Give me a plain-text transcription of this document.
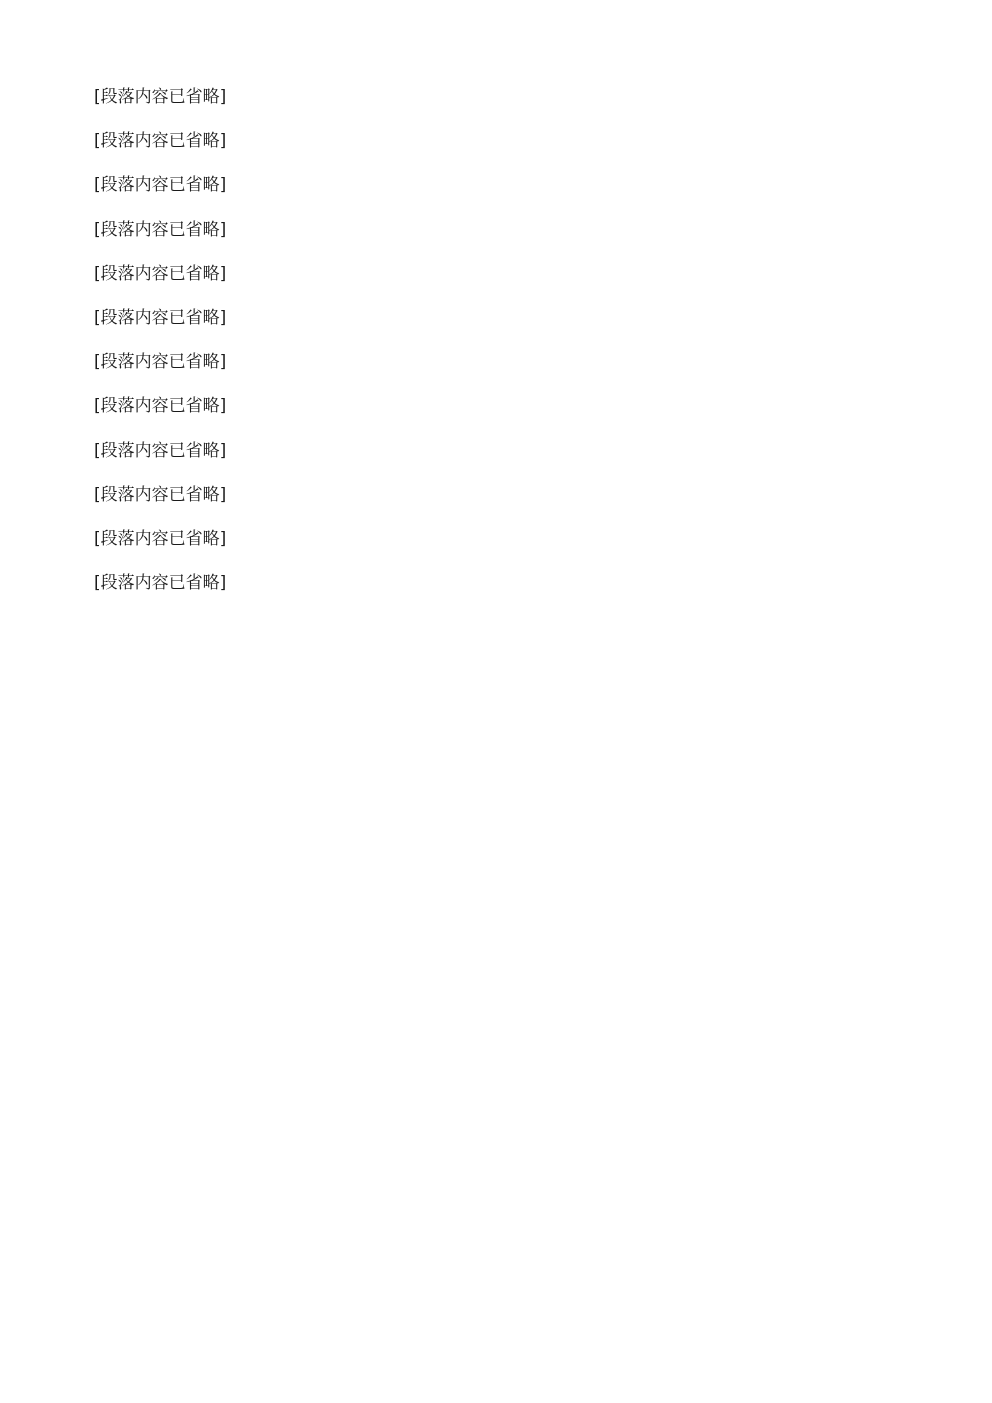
[段落内容已省略]

[段落内容已省略]

[段落内容已省略]

[段落内容已省略]

[段落内容已省略]

[段落内容已省略]

[段落内容已省略]

[段落内容已省略]

[段落内容已省略]

[段落内容已省略]

[段落内容已省略]

[段落内容已省略]
